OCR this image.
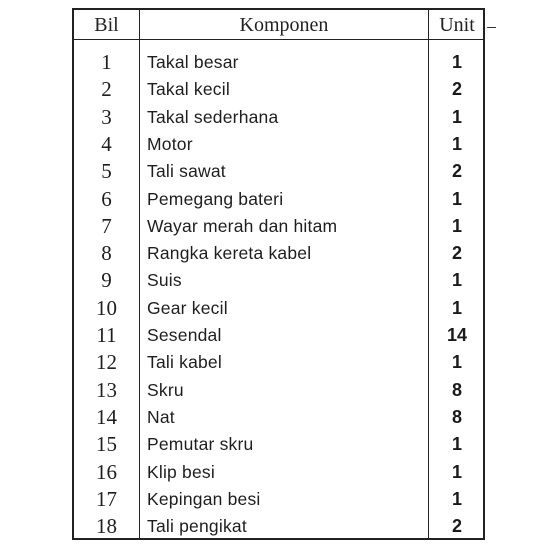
Bil	Komponen	Unit
1	Takal besar	1
2	Takal kecil	2
3	Takal sederhana	1
4	Motor	1
5	Tali sawat	2
6	Pemegang bateri	1
7	Wayar merah dan hitam	1
8	Rangka kereta kabel	2
9	Suis	1
10	Gear kecil	1
11	Sesendal	14
12	Tali kabel	1
13	Skru	8
14	Nat	8
15	Pemutar skru	1
16	Klip besi	1
17	Kepingan besi	1
18	Tali pengikat	2
